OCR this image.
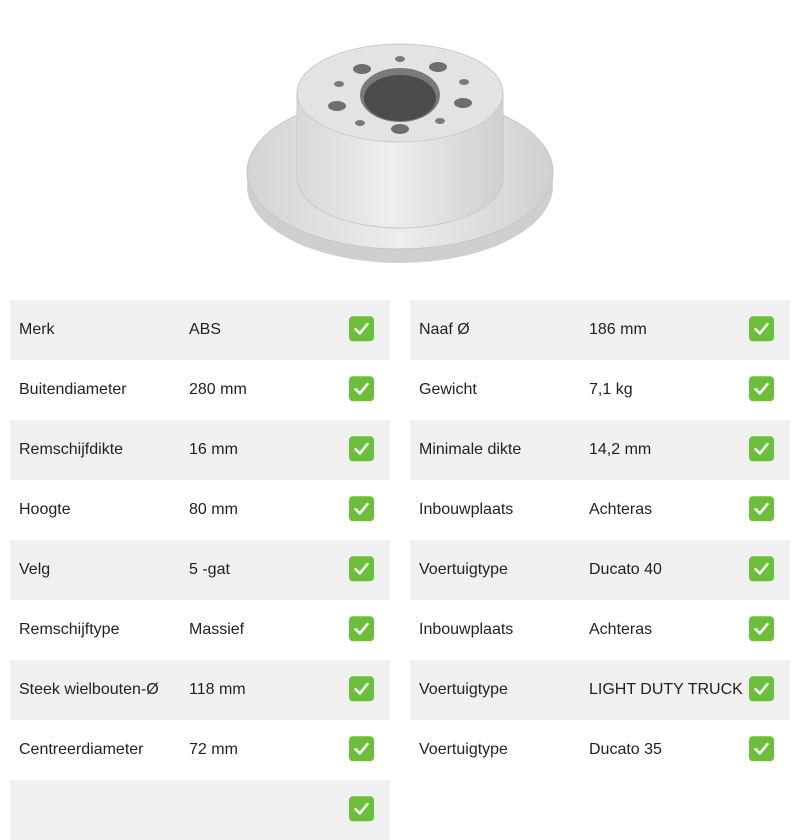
Merk	ABS
Buitendiameter	280 mm
Remschijfdikte	16 mm
Hoogte	80 mm
Velg	5 -gat
Remschijftype	Massief
Steek wielbouten-Ø 118 mm
Centreerdiameter	72 mm
Naaf Ø	186 mm
Gewicht	7,1 kg
Minimale dikte	14,2 mm
Inbouwplaats	Achteras
Voertuigtype	Ducato 40
Inbouwplaats	Achteras
Voertuigtype	LIGHT DUTY TRUCK
Voertuigtype	Ducato 35
